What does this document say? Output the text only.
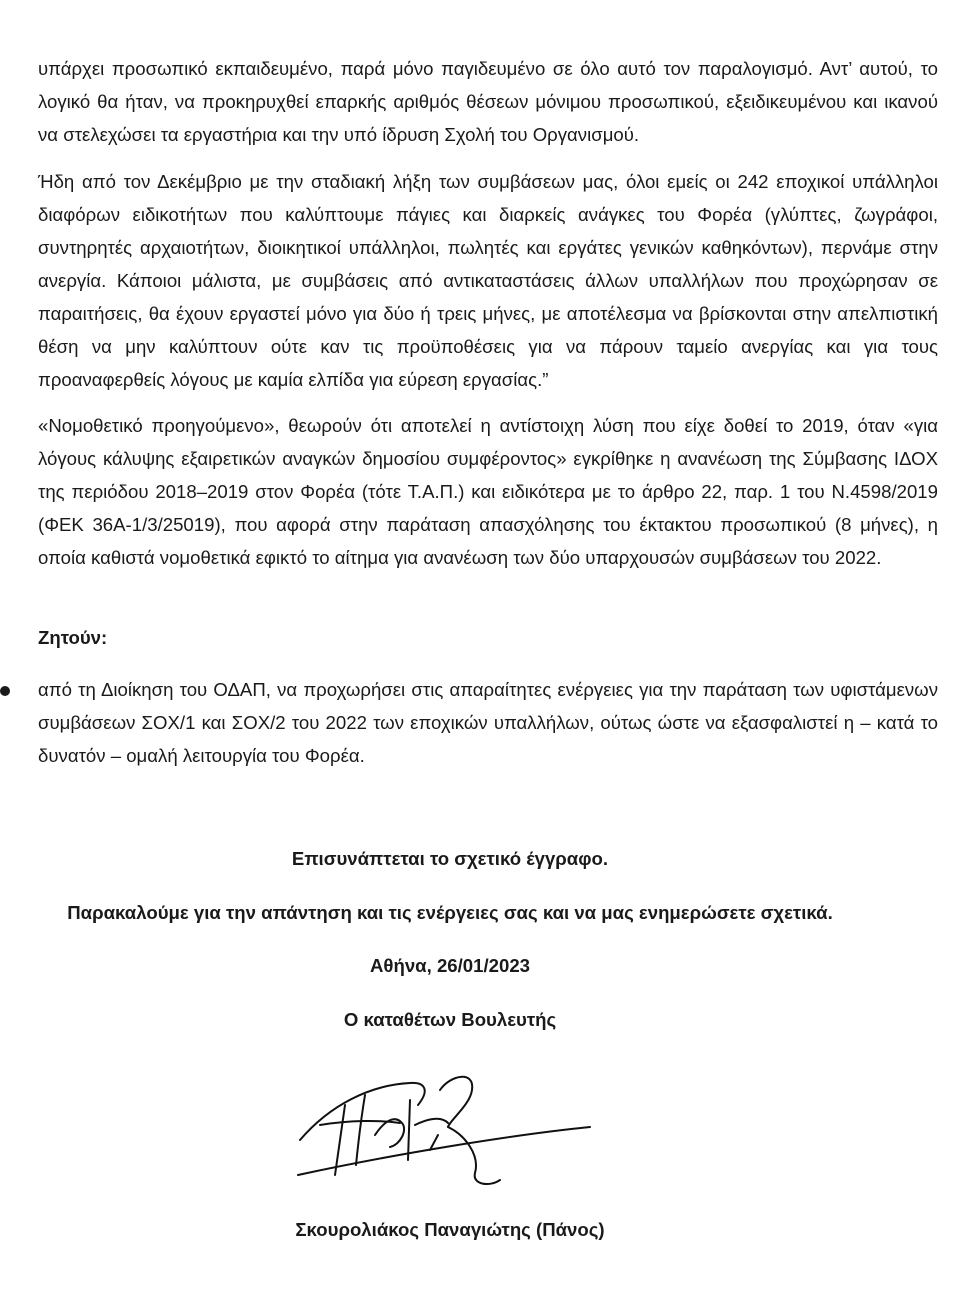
υπάρχει προσωπικό εκπαιδευμένο, παρά μόνο παγιδευμένο σε όλο αυτό τον παραλογισμό. Αντ’ αυτού, το λογικό θα ήταν, να προκηρυχθεί επαρκής αριθμός θέσεων μόνιμου προσωπικού, εξειδικευμένου και ικανού να στελεχώσει τα εργαστήρια και την υπό ίδρυση Σχολή του Οργανισμού.

Ήδη από τον Δεκέμβριο με την σταδιακή λήξη των συμβάσεων μας, όλοι εμείς οι 242 εποχικοί υπάλληλοι διαφόρων ειδικοτήτων που καλύπτουμε πάγιες και διαρκείς ανάγκες του Φορέα (γλύπτες, ζωγράφοι, συντηρητές αρχαιοτήτων, διοικητικοί υπάλληλοι, πωλητές και εργάτες γενικών καθηκόντων), περνάμε στην ανεργία. Κάποιοι μάλιστα, με συμβάσεις από αντικαταστάσεις άλλων υπαλλήλων που προχώρησαν σε παραιτήσεις, θα έχουν εργαστεί μόνο για δύο ή τρεις μήνες, με αποτέλεσμα να βρίσκονται στην απελπιστική θέση να μην καλύπτουν ούτε καν τις προϋποθέσεις για να πάρουν ταμείο ανεργίας και για τους προαναφερθείς λόγους με καμία ελπίδα για εύρεση εργασίας.”

«Νομοθετικό προηγούμενο», θεωρούν ότι αποτελεί η αντίστοιχη λύση που είχε δοθεί το 2019, όταν «για λόγους κάλυψης εξαιρετικών αναγκών δημοσίου συμφέροντος» εγκρίθηκε η ανανέωση της Σύμβασης ΙΔΟΧ της περιόδου 2018–2019 στον Φορέα (τότε Τ.Α.Π.) και ειδικότερα με το άρθρο 22, παρ. 1 του Ν.4598/2019 (ΦΕΚ 36Α-1/3/25019), που αφορά στην παράταση απασχόλησης του έκτακτου προσωπικού (8 μήνες), η οποία καθιστά νομοθετικά εφικτό το αίτημα για ανανέωση των δύο υπαρχουσών συμβάσεων του 2022.

Ζητούν:

από τη Διοίκηση του ΟΔΑΠ, να προχωρήσει στις απαραίτητες ενέργειες για την παράταση των υφιστάμενων συμβάσεων ΣΟΧ/1 και ΣΟΧ/2 του 2022 των εποχικών υπαλλήλων, ούτως ώστε να εξασφαλιστεί η – κατά το δυνατόν – ομαλή λειτουργία του Φορέα.

Επισυνάπτεται το σχετικό έγγραφο.

Παρακαλούμε για την απάντηση και τις ενέργειες σας και να μας ενημερώσετε σχετικά.

Αθήνα, 26/01/2023

Ο καταθέτων Βουλευτής

Σκουρολιάκος Παναγιώτης (Πάνος)
